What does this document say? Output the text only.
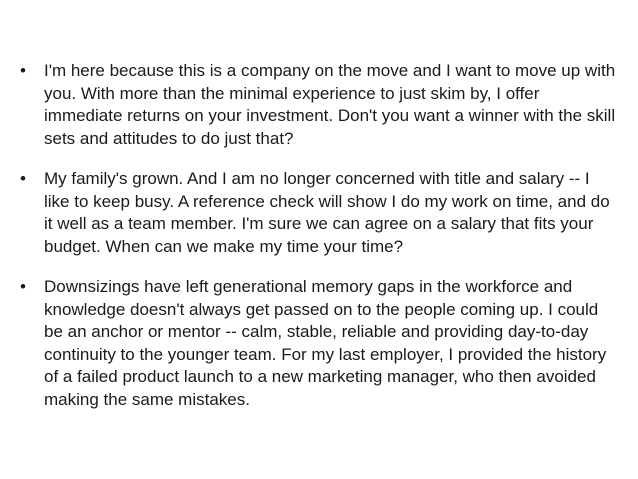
• I'm here because this is a company on the move and I want to move up with you. With more than the minimal experience to just skim by, I offer immediate returns on your investment. Don't you want a winner with the skill sets and attitudes to do just that?
• My family's grown. And I am no longer concerned with title and salary -- I like to keep busy. A reference check will show I do my work on time, and do it well as a team member. I'm sure we can agree on a salary that fits your budget. When can we make my time your time?
• Downsizings have left generational memory gaps in the workforce and knowledge doesn't always get passed on to the people coming up. I could be an anchor or mentor -- calm, stable, reliable and providing day-to-day continuity to the younger team. For my last employer, I provided the history of a failed product launch to a new marketing manager, who then avoided making the same mistakes.
